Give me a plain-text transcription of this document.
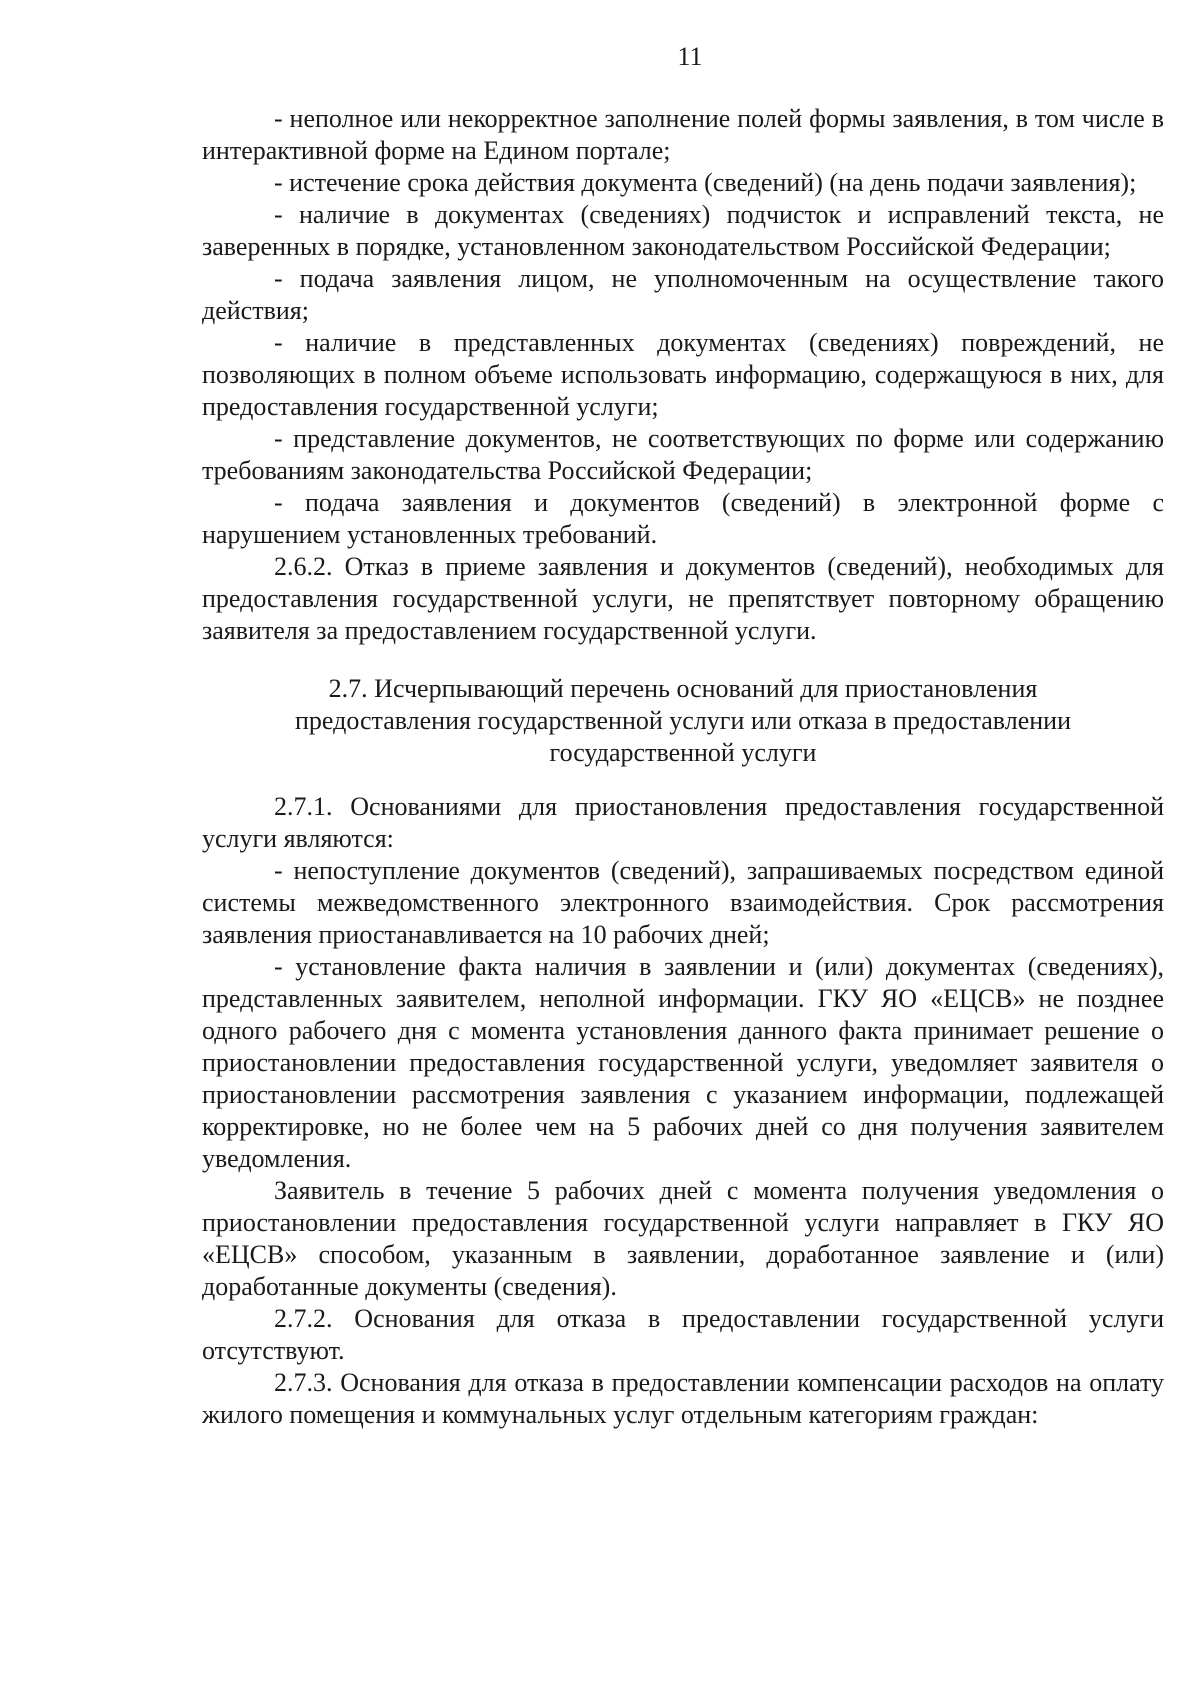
11

- неполное или некорректное заполнение полей формы заявления, в том числе в интерактивной форме на Едином портале;

- истечение срока действия документа (сведений) (на день подачи заявления);

- наличие в документах (сведениях) подчисток и исправлений текста, не заверенных в порядке, установленном законодательством Российской Федерации;

- подача заявления лицом, не уполномоченным на осуществление такого действия;

- наличие в представленных документах (сведениях) повреждений, не позволяющих в полном объеме использовать информацию, содержащуюся в них, для предоставления государственной услуги;

- представление документов, не соответствующих по форме или содержанию требованиям законодательства Российской Федерации;

- подача заявления и документов (сведений) в электронной форме с нарушением установленных требований.

2.6.2. Отказ в приеме заявления и документов (сведений), необходимых для предоставления государственной услуги, не препятствует повторному обращению заявителя за предоставлением государственной услуги.

2.7. Исчерпывающий перечень оснований для приостановления
предоставления государственной услуги или отказа в предоставлении
государственной услуги

2.7.1. Основаниями для приостановления предоставления государственной услуги являются:

- непоступление документов (сведений), запрашиваемых посредством единой системы межведомственного электронного взаимодействия. Срок рассмотрения заявления приостанавливается на 10 рабочих дней;

- установление факта наличия в заявлении и (или) документах (сведениях), представленных заявителем, неполной информации. ГКУ ЯО «ЕЦСВ» не позднее одного рабочего дня с момента установления данного факта принимает решение о приостановлении предоставления государственной услуги, уведомляет заявителя о приостановлении рассмотрения заявления с указанием информации, подлежащей корректировке, но не более чем на 5 рабочих дней со дня получения заявителем уведомления.

Заявитель в течение 5 рабочих дней с момента получения уведомления о приостановлении предоставления государственной услуги направляет в ГКУ ЯО «ЕЦСВ» способом, указанным в заявлении, доработанное заявление и (или) доработанные документы (сведения).

2.7.2. Основания для отказа в предоставлении государственной услуги отсутствуют.

2.7.3. Основания для отказа в предоставлении компенсации расходов на оплату жилого помещения и коммунальных услуг отдельным категориям граждан:
